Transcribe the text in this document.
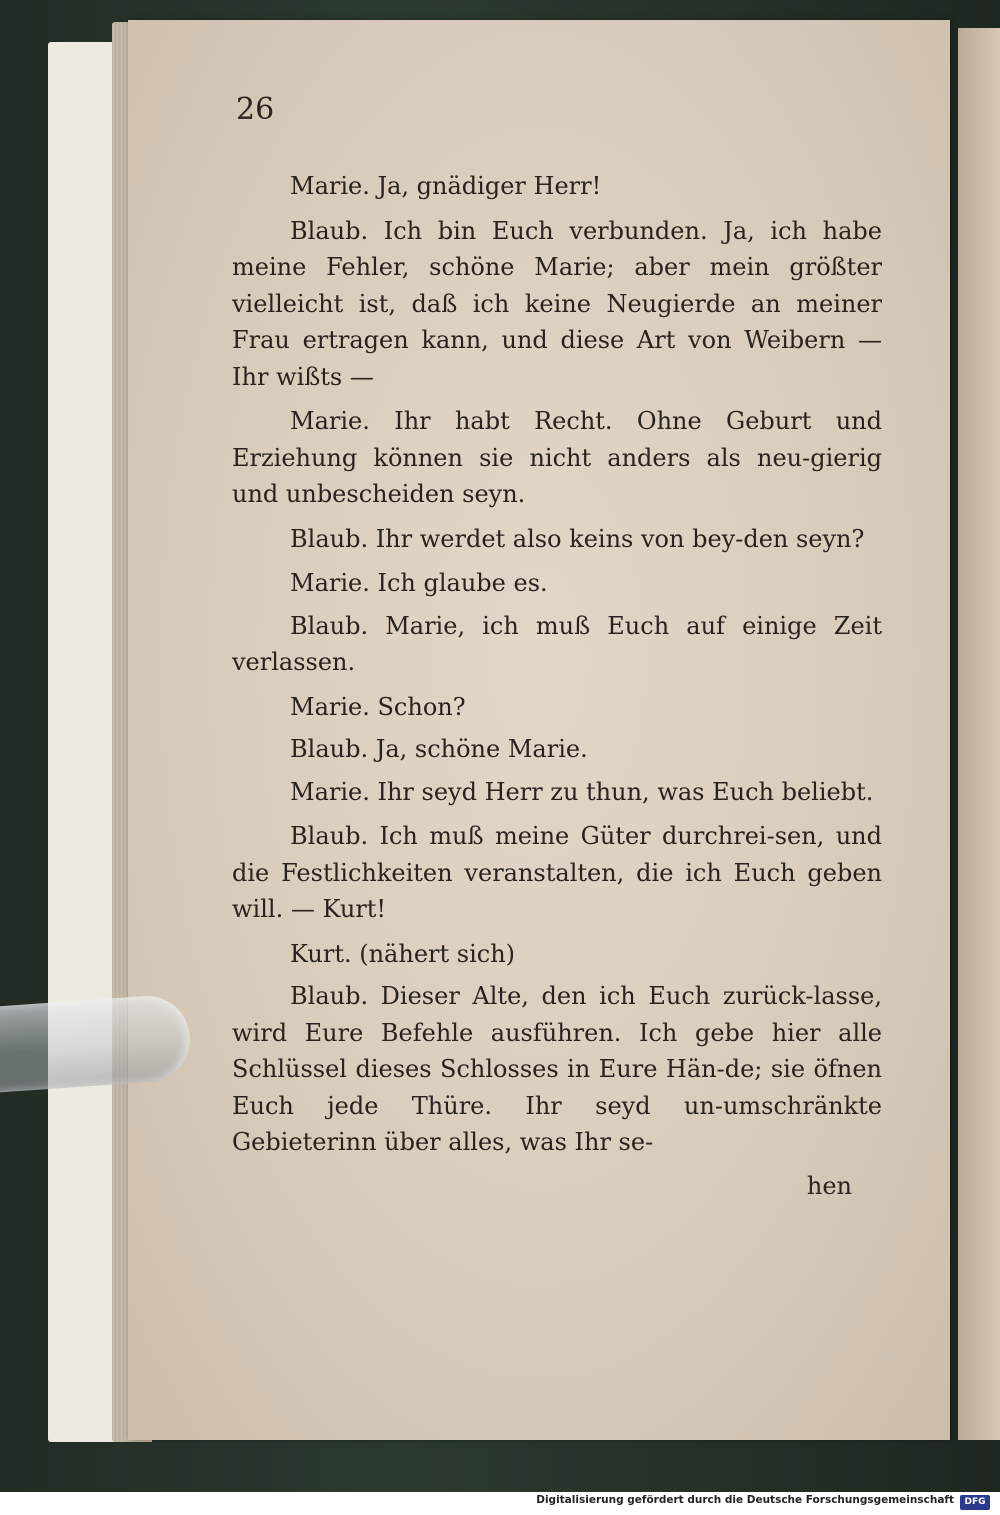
26

Marie. Ja, gnädiger Herr!

Blaub. Ich bin Euch verbunden. Ja, ich habe meine Fehler, schöne Marie; aber mein größter vielleicht ist, daß ich keine Neugierde an meiner Frau ertragen kann, und diese Art von Weibern — Ihr wißts —

Marie. Ihr habt Recht. Ohne Geburt und Erziehung können sie nicht anders als neu-gierig und unbescheiden seyn.

Blaub. Ihr werdet also keins von bey-den seyn?

Marie. Ich glaube es.

Blaub. Marie, ich muß Euch auf einige Zeit verlassen.

Marie. Schon?

Blaub. Ja, schöne Marie.

Marie. Ihr seyd Herr zu thun, was Euch beliebt.

Blaub. Ich muß meine Güter durchrei-sen, und die Festlichkeiten veranstalten, die ich Euch geben will. — Kurt!

Kurt. (nähert sich)

Blaub. Dieser Alte, den ich Euch zurück-lasse, wird Eure Befehle ausführen. Ich gebe hier alle Schlüssel dieses Schlosses in Eure Hän-de; sie öfnen Euch jede Thüre. Ihr seyd un-umschränkte Gebieterinn über alles, was Ihr se-

hen

Digitalisierung gefördert durch die Deutsche Forschungsgemeinschaft	DFG
